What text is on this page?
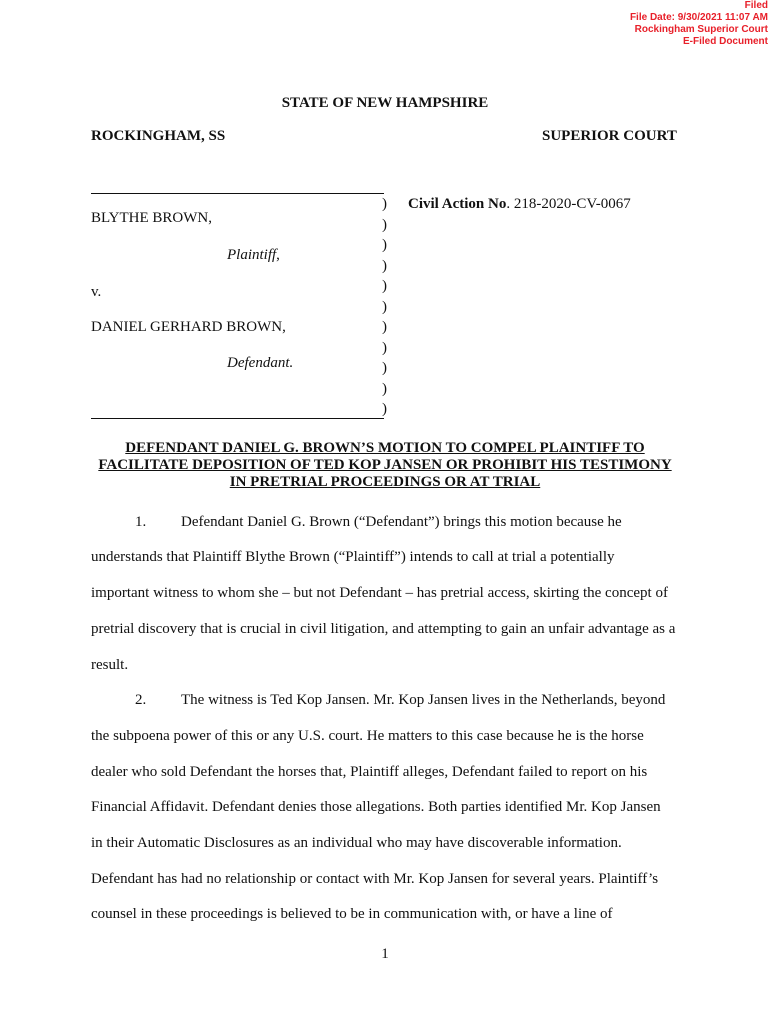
Filed
File Date: 9/30/2021 11:07 AM
Rockingham Superior Court
E-Filed Document
STATE OF NEW HAMPSHIRE
ROCKINGHAM, SS	SUPERIOR COURT
BLYTHE BROWN,
Plaintiff,
v.
DANIEL GERHARD BROWN,
Defendant.
)
)
)
)
)
)
)
)
)
)
)
Civil Action No. 218-2020-CV-0067
DEFENDANT DANIEL G. BROWN’S MOTION TO COMPEL PLAINTIFF TO
FACILITATE DEPOSITION OF TED KOP JANSEN OR PROHIBIT HIS TESTIMONY
IN PRETRIAL PROCEEDINGS OR AT TRIAL
1. Defendant Daniel G. Brown (“Defendant”) brings this motion because he
understands that Plaintiff Blythe Brown (“Plaintiff”) intends to call at trial a potentially
important witness to whom she – but not Defendant – has pretrial access, skirting the concept of
pretrial discovery that is crucial in civil litigation, and attempting to gain an unfair advantage as a
result.
2. The witness is Ted Kop Jansen. Mr. Kop Jansen lives in the Netherlands, beyond
the subpoena power of this or any U.S. court. He matters to this case because he is the horse
dealer who sold Defendant the horses that, Plaintiff alleges, Defendant failed to report on his
Financial Affidavit. Defendant denies those allegations. Both parties identified Mr. Kop Jansen
in their Automatic Disclosures as an individual who may have discoverable information.
Defendant has had no relationship or contact with Mr. Kop Jansen for several years. Plaintiff’s
counsel in these proceedings is believed to be in communication with, or have a line of
1
